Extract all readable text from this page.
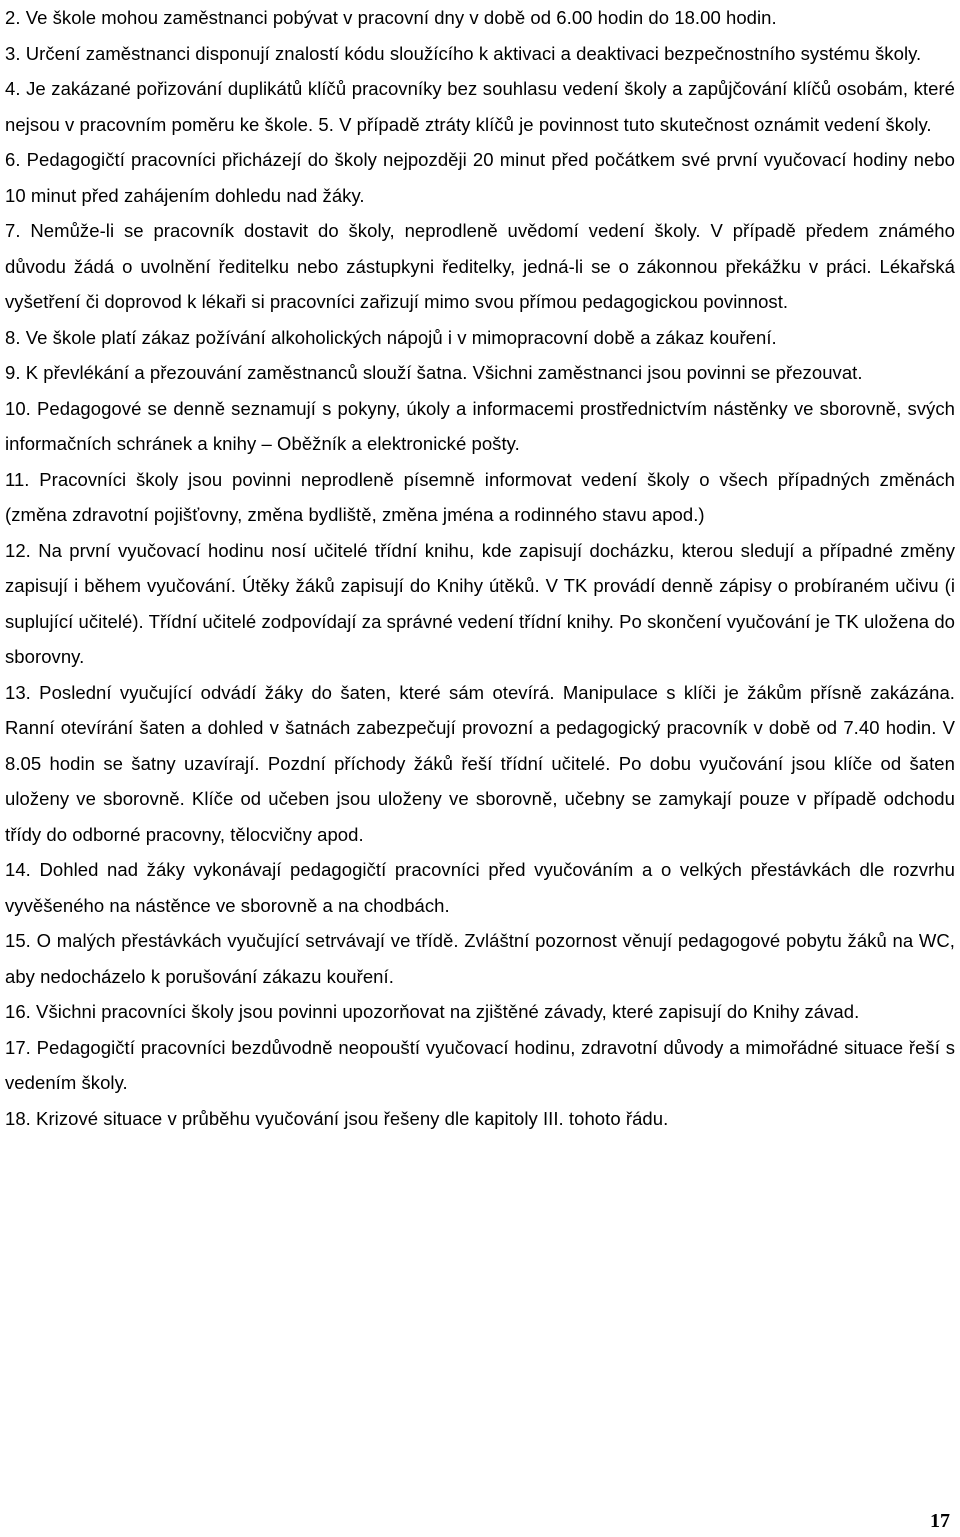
2. Ve škole mohou zaměstnanci pobývat v pracovní dny v době od 6.00 hodin do 18.00 hodin.

3. Určení zaměstnanci disponují znalostí kódu sloužícího k aktivaci a deaktivaci bezpečnostního systému školy.

4. Je zakázané pořizování duplikátů klíčů pracovníky bez souhlasu vedení školy a zapůjčování klíčů osobám, které nejsou v pracovním poměru ke škole. 5. V případě ztráty klíčů je povinnost tuto skutečnost oznámit vedení školy.

6. Pedagogičtí pracovníci přicházejí do školy nejpozději 20 minut před počátkem své první vyučovací hodiny nebo 10 minut před zahájením dohledu nad žáky.

7. Nemůže-li se pracovník dostavit do školy, neprodleně uvědomí vedení školy. V případě předem známého důvodu žádá o uvolnění ředitelku nebo zástupkyni ředitelky, jedná-li se o zákonnou překážku v práci. Lékařská vyšetření či doprovod k lékaři si pracovníci zařizují mimo svou přímou pedagogickou povinnost.

8. Ve škole platí zákaz požívání alkoholických nápojů i v mimopracovní době a zákaz kouření.

9. K převlékání a přezouvání zaměstnanců slouží šatna. Všichni zaměstnanci jsou povinni se přezouvat.

10. Pedagogové se denně seznamují s pokyny, úkoly a informacemi prostřednictvím nástěnky ve sborovně, svých informačních schránek a knihy – Oběžník a elektronické pošty.

11. Pracovníci školy jsou povinni neprodleně písemně informovat vedení školy o všech případných změnách (změna zdravotní pojišťovny, změna bydliště, změna jména a rodinného stavu apod.)

12. Na první vyučovací hodinu nosí učitelé třídní knihu, kde zapisují docházku, kterou sledují a případné změny zapisují i během vyučování. Útěky žáků zapisují do Knihy útěků. V TK provádí denně zápisy o probíraném učivu (i suplující učitelé). Třídní učitelé zodpovídají za správné vedení třídní knihy. Po skončení vyučování je TK uložena do sborovny.

13. Poslední vyučující odvádí žáky do šaten, které sám otevírá. Manipulace s klíči je žákům přísně zakázána. Ranní otevírání šaten a dohled v šatnách zabezpečují provozní a pedagogický pracovník v době od 7.40 hodin. V 8.05 hodin se šatny uzavírají. Pozdní příchody žáků řeší třídní učitelé. Po dobu vyučování jsou klíče od šaten uloženy ve sborovně. Klíče od učeben jsou uloženy ve sborovně, učebny se zamykají pouze v případě odchodu třídy do odborné pracovny, tělocvičny apod.

14. Dohled nad žáky vykonávají pedagogičtí pracovníci před vyučováním a o velkých přestávkách dle rozvrhu vyvěšeného na nástěnce ve sborovně a na chodbách.

15. O malých přestávkách vyučující setrvávají ve třídě. Zvláštní pozornost věnují pedagogové pobytu žáků na WC, aby nedocházelo k porušování zákazu kouření.

16. Všichni pracovníci školy jsou povinni upozorňovat na zjištěné závady, které zapisují do Knihy závad.

17. Pedagogičtí pracovníci bezdůvodně neopouští vyučovací hodinu, zdravotní důvody a mimořádné situace řeší s vedením školy.

18. Krizové situace v průběhu vyučování jsou řešeny dle kapitoly III. tohoto řádu.

17
